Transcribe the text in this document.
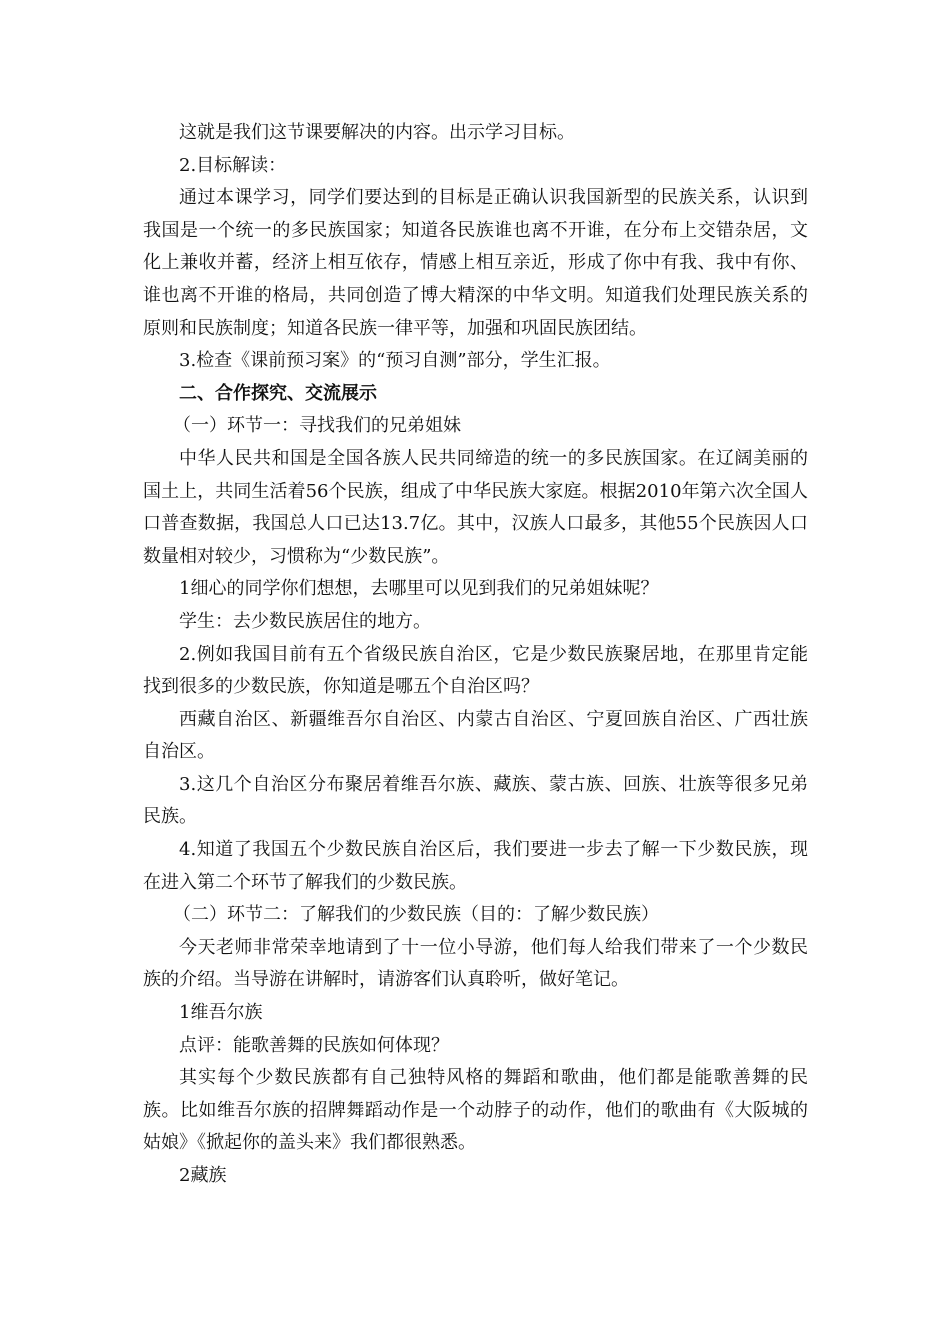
这就是我们这节课要解决的内容。出示学习目标。

2.目标解读：

通过本课学习，同学们要达到的目标是正确认识我国新型的民族关系，认识到我国是一个统一的多民族国家；知道各民族谁也离不开谁，在分布上交错杂居，文化上兼收并蓄，经济上相互依存，情感上相互亲近，形成了你中有我、我中有你、谁也离不开谁的格局，共同创造了博大精深的中华文明。知道我们处理民族关系的原则和民族制度；知道各民族一律平等，加强和巩固民族团结。

3.检查《课前预习案》的“预习自测”部分，学生汇报。

二、合作探究、交流展示

（一）环节一：寻找我们的兄弟姐妹

中华人民共和国是全国各族人民共同缔造的统一的多民族国家。在辽阔美丽的国土上，共同生活着56个民族，组成了中华民族大家庭。根据2010年第六次全国人口普查数据，我国总人口已达13.7亿。其中，汉族人口最多，其他55个民族因人口数量相对较少，习惯称为“少数民族”。

1细心的同学你们想想，去哪里可以见到我们的兄弟姐妹呢？

学生：去少数民族居住的地方。

2.例如我国目前有五个省级民族自治区，它是少数民族聚居地，在那里肯定能找到很多的少数民族，你知道是哪五个自治区吗？

西藏自治区、新疆维吾尔自治区、内蒙古自治区、宁夏回族自治区、广西壮族自治区。

3.这几个自治区分布聚居着维吾尔族、藏族、蒙古族、回族、壮族等很多兄弟民族。

4.知道了我国五个少数民族自治区后，我们要进一步去了解一下少数民族，现在进入第二个环节了解我们的少数民族。

（二）环节二：了解我们的少数民族（目的：了解少数民族）

今天老师非常荣幸地请到了十一位小导游，他们每人给我们带来了一个少数民族的介绍。当导游在讲解时，请游客们认真聆听，做好笔记。

1维吾尔族

点评：能歌善舞的民族如何体现？

其实每个少数民族都有自己独特风格的舞蹈和歌曲，他们都是能歌善舞的民族。比如维吾尔族的招牌舞蹈动作是一个动脖子的动作，他们的歌曲有《大阪城的姑娘》《掀起你的盖头来》我们都很熟悉。

2藏族
